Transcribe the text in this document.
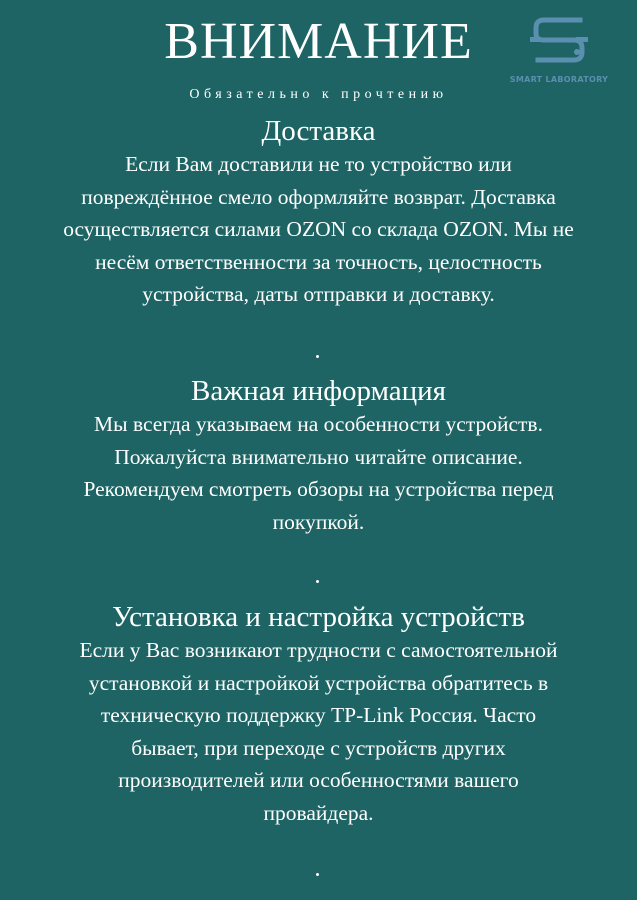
ВНИМАНИЕ
Обязательно к прочтению
SMART LABORATORY
Доставка
Если Вам доставили не то устройство или
повреждённое смело оформляйте возврат. Доставка
осуществляется силами OZON со склада OZON. Мы не
несём ответственности за точность, целостность
устройства, даты отправки и доставку.
Важная информация
Мы всегда указываем на особенности устройств.
Пожалуйста внимательно читайте описание.
Рекомендуем смотреть обзоры на устройства перед
покупкой.
Установка и настройка устройств
Если у Вас возникают трудности с самостоятельной
установкой и настройкой устройства обратитесь в
техническую поддержку TP-Link Россия. Часто
бывает, при переходе с устройств других
производителей или особенностями вашего
провайдера.
